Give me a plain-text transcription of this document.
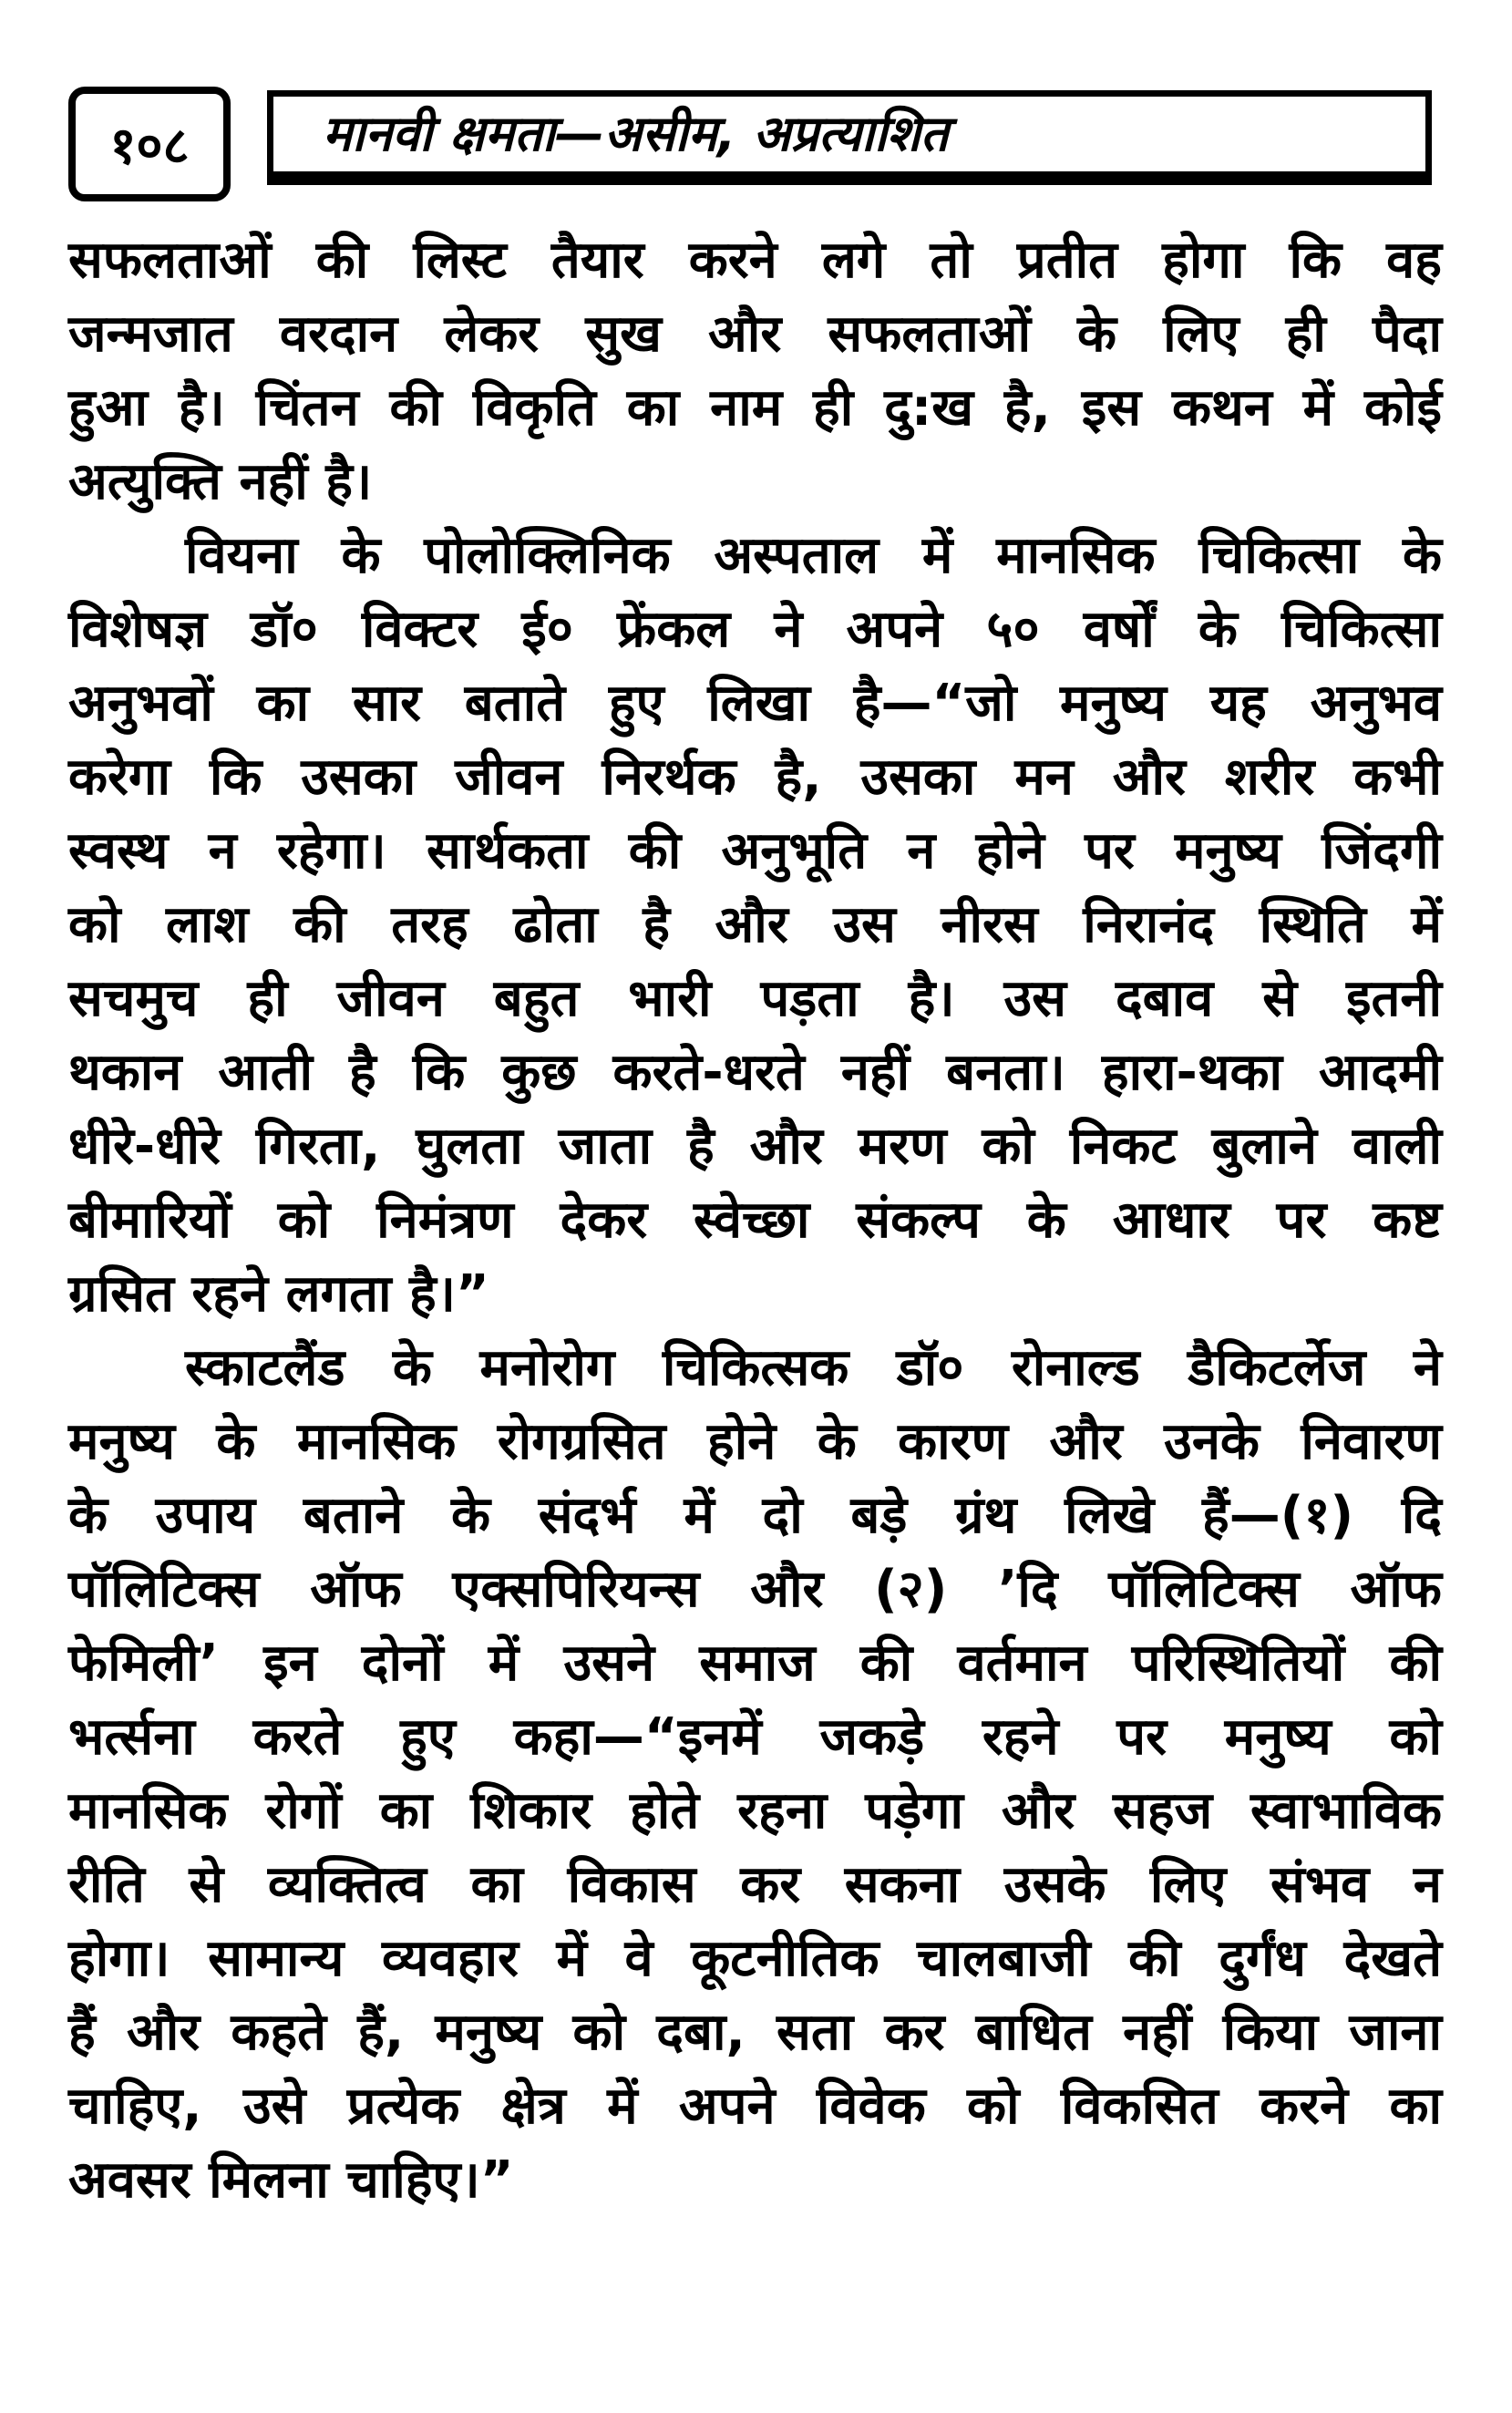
१०८	मानवी क्षमता—असीम, अप्रत्याशित
सफलताओं की लिस्ट तैयार करने लगे तो प्रतीत होगा कि वह
जन्मजात वरदान लेकर सुख और सफलताओं के लिए ही पैदा
हुआ है। चिंतन की विकृति का नाम ही दु:ख है, इस कथन में कोई
अत्युक्ति नहीं है।
वियना के पोलोक्लिनिक अस्पताल में मानसिक चिकित्सा के
विशेषज्ञ डॉ० विक्टर ई० फ्रेंकल ने अपने ५० वर्षों के चिकित्सा
अनुभवों का सार बताते हुए लिखा है—“जो मनुष्य यह अनुभव
करेगा कि उसका जीवन निरर्थक है, उसका मन और शरीर कभी
स्वस्थ न रहेगा। सार्थकता की अनुभूति न होने पर मनुष्य जिंदगी
को लाश की तरह ढोता है और उस नीरस निरानंद स्थिति में
सचमुच ही जीवन बहुत भारी पड़ता है। उस दबाव से इतनी
थकान आती है कि कुछ करते-धरते नहीं बनता। हारा-थका आदमी
धीरे-धीरे गिरता, घुलता जाता है और मरण को निकट बुलाने वाली
बीमारियों को निमंत्रण देकर स्वेच्छा संकल्प के आधार पर कष्ट
ग्रसित रहने लगता है।”
स्काटलैंड के मनोरोग चिकित्सक डॉ० रोनाल्ड डैकिटर्लेज ने
मनुष्य के मानसिक रोगग्रसित होने के कारण और उनके निवारण
के उपाय बताने के संदर्भ में दो बड़े ग्रंथ लिखे हैं—(१) दि
पॉलिटिक्स ऑफ एक्सपिरियन्स और (२) ’दि पॉलिटिक्स ऑफ
फेमिली’ इन दोनों में उसने समाज की वर्तमान परिस्थितियों की
भर्त्सना करते हुए कहा—“इनमें जकड़े रहने पर मनुष्य को
मानसिक रोगों का शिकार होते रहना पड़ेगा और सहज स्वाभाविक
रीति से व्यक्तित्व का विकास कर सकना उसके लिए संभव न
होगा। सामान्य व्यवहार में वे कूटनीतिक चालबाजी की दुर्गंध देखते
हैं और कहते हैं, मनुष्य को दबा, सता कर बाधित नहीं किया जाना
चाहिए, उसे प्रत्येक क्षेत्र में अपने विवेक को विकसित करने का
अवसर मिलना चाहिए।”
